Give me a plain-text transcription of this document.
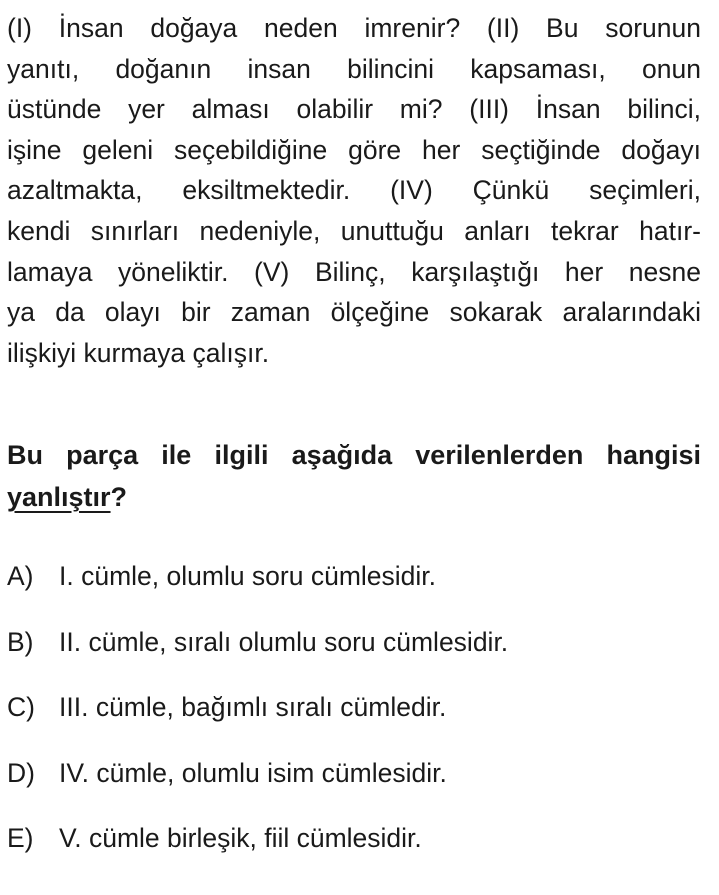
(I) İnsan doğaya neden imrenir? (II) Bu sorunun
yanıtı, doğanın insan bilincini kapsaması, onun
üstünde yer alması olabilir mi? (III) İnsan bilinci,
işine geleni seçebildiğine göre her seçtiğinde doğayı
azaltmakta, eksiltmektedir. (IV) Çünkü seçimleri,
kendi sınırları nedeniyle, unuttuğu anları tekrar hatır-
lamaya yöneliktir. (V) Bilinç, karşılaştığı her nesne
ya da olayı bir zaman ölçeğine sokarak aralarındaki
ilişkiyi kurmaya çalışır.
Bu parça ile ilgili aşağıda verilenlerden hangisi
yanlıştır?
A) I. cümle, olumlu soru cümlesidir.
B) II. cümle, sıralı olumlu soru cümlesidir.
C) III. cümle, bağımlı sıralı cümledir.
D) IV. cümle, olumlu isim cümlesidir.
E) V. cümle birleşik, fiil cümlesidir.
